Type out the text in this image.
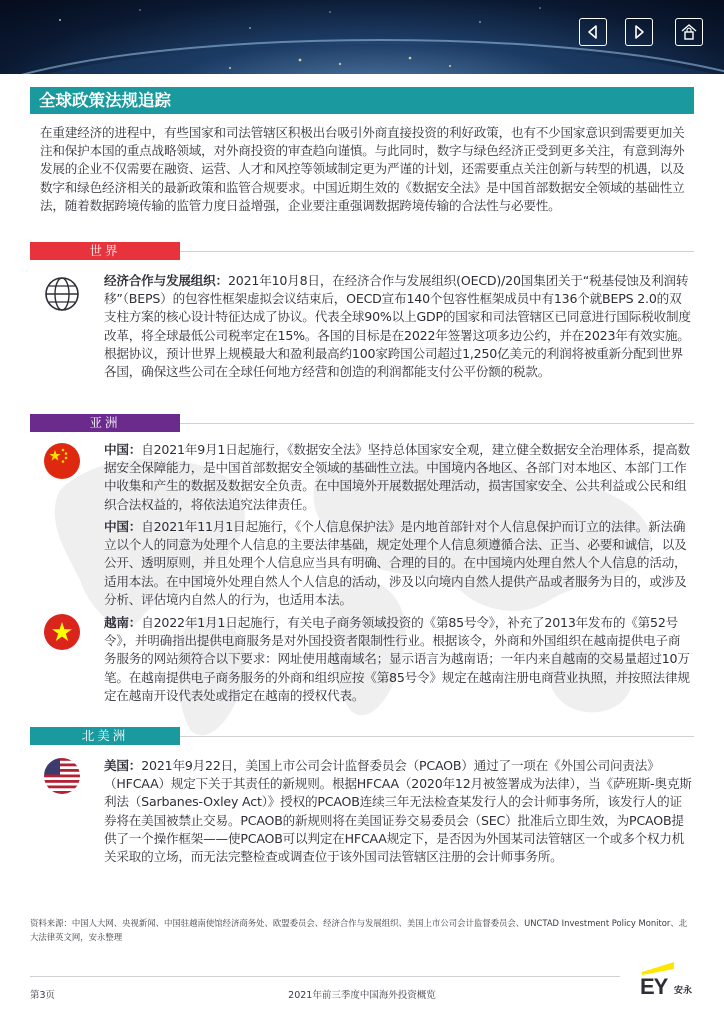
全球政策法规追踪

在重建经济的进程中，有些国家和司法管辖区积极出台吸引外商直接投资的利好政策，也有不少国家意识到需要更加关注和保护本国的重点战略领域，对外商投资的审查趋向谨慎。与此同时，数字与绿色经济正受到更多关注，有意到海外发展的企业不仅需要在融资、运营、人才和风控等领域制定更为严谨的计划，还需要重点关注创新与转型的机遇，以及数字和绿色经济相关的最新政策和监管合规要求。中国近期生效的《数据安全法》是中国首部数据安全领域的基础性立法，随着数据跨境传输的监管力度日益增强，企业要注重强调数据跨境传输的合法性与必要性。

世界

经济合作与发展组织：2021年10月8日，在经济合作与发展组织(OECD)/20国集团关于“税基侵蚀及利润转移”（BEPS）的包容性框架虚拟会议结束后，OECD宣布140个包容性框架成员中有136个就BEPS 2.0的双支柱方案的核心设计特征达成了协议。代表全球90%以上GDP的国家和司法管辖区已同意进行国际税收制度改革，将全球最低公司税率定在15%。各国的目标是在2022年签署这项多边公约，并在2023年有效实施。根据协议，预计世界上规模最大和盈利最高约100家跨国公司超过1,250亿美元的利润将被重新分配到世界各国，确保这些公司在全球任何地方经营和创造的利润都能支付公平份额的税款。

亚洲

中国：自2021年9月1日起施行，《数据安全法》坚持总体国家安全观，建立健全数据安全治理体系，提高数据安全保障能力，是中国首部数据安全领域的基础性立法。中国境内各地区、各部门对本地区、本部门工作中收集和产生的数据及数据安全负责。在中国境外开展数据处理活动，损害国家安全、公共利益或公民和组织合法权益的，将依法追究法律责任。

中国：自2021年11月1日起施行，《个人信息保护法》是内地首部针对个人信息保护而订立的法律。新法确立以个人的同意为处理个人信息的主要法律基础，规定处理个人信息须遵循合法、正当、必要和诚信，以及公开、透明原则，并且处理个人信息应当具有明确、合理的目的。在中国境内处理自然人个人信息的活动，适用本法。在中国境外处理自然人个人信息的活动，涉及以向境内自然人提供产品或者服务为目的，或涉及分析、评估境内自然人的行为，也适用本法。

越南：自2022年1月1日起施行，有关电子商务领域投资的《第85号令》，补充了2013年发布的《第52号令》，并明确指出提供电商服务是对外国投资者限制性行业。根据该令，外商和外国组织在越南提供电子商务服务的网站须符合以下要求：网址使用越南域名；显示语言为越南语；一年内来自越南的交易量超过10万笔。在越南提供电子商务服务的外商和组织应按《第85号令》规定在越南注册电商营业执照，并按照法律规定在越南开设代表处或指定在越南的授权代表。

北美洲

美国：2021年9月22日，美国上市公司会计监督委员会（PCAOB）通过了一项在《外国公司问责法》（HFCAA）规定下关于其责任的新规则。根据HFCAA（2020年12月被签署成为法律），当《萨班斯-奥克斯利法（Sarbanes-Oxley Act）》授权的PCAOB连续三年无法检查某发行人的会计师事务所，该发行人的证券将在美国被禁止交易。PCAOB的新规则将在美国证券交易委员会（SEC）批准后立即生效，为PCAOB提供了一个操作框架——使PCAOB可以判定在HFCAA规定下，是否因为外国某司法管辖区一个或多个权力机关采取的立场，而无法完整检查或调查位于该外国司法管辖区注册的会计师事务所。

资料来源：中国人大网、央视新闻、中国驻越南使馆经济商务处、欧盟委员会、经济合作与发展组织、美国上市公司会计监督委员会、UNCTAD Investment Policy Monitor、北大法律英文网，安永整理

第3页	2021年前三季度中国海外投资概览	EY 安永
